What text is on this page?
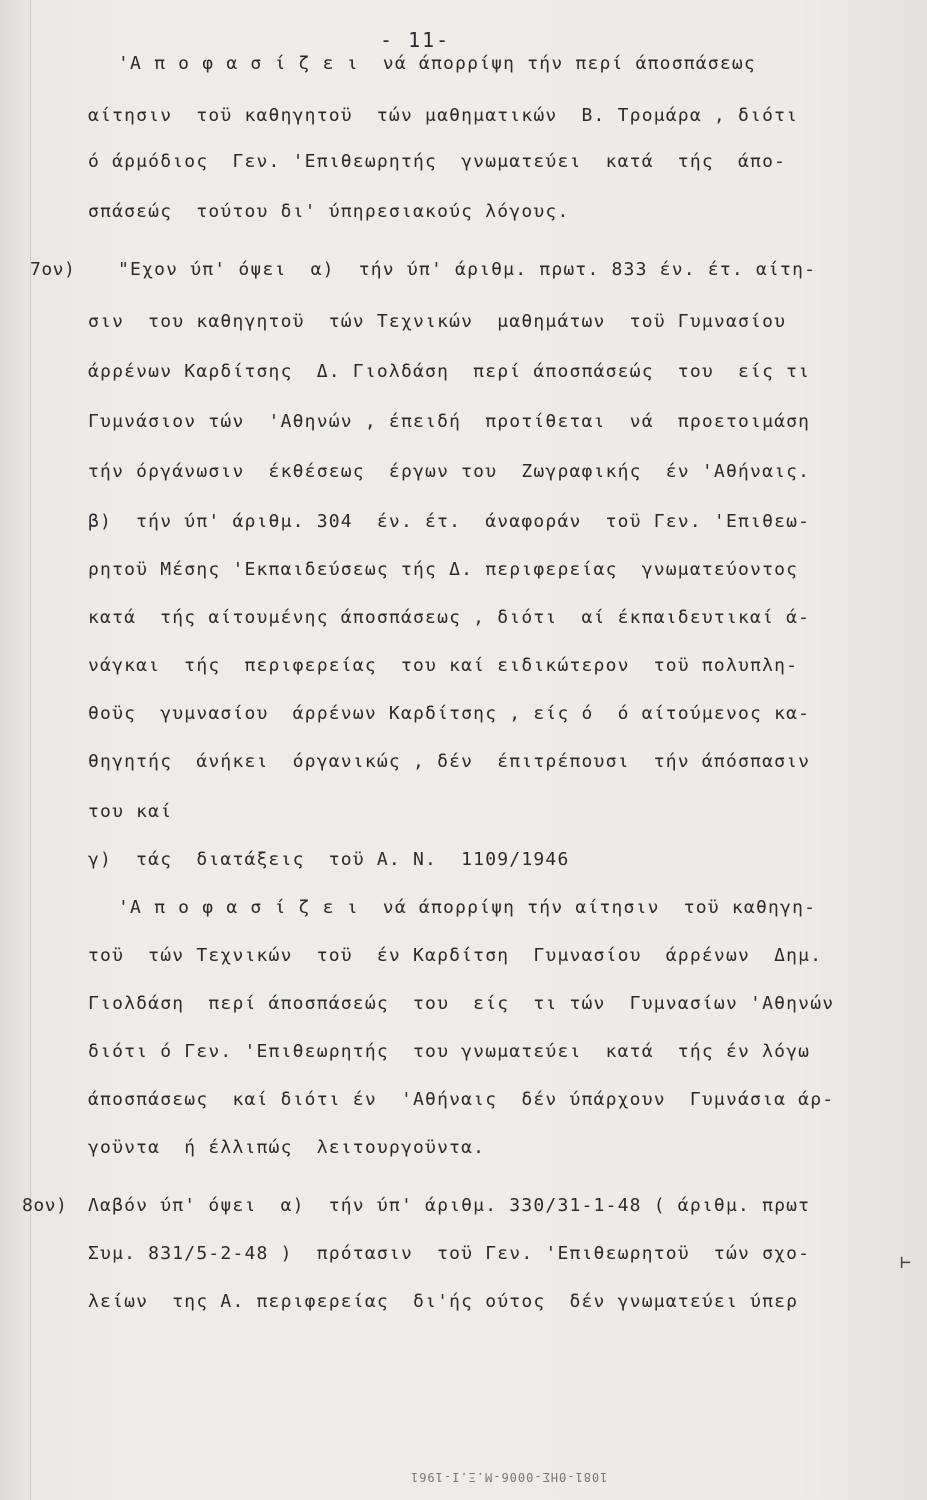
- 11-
'Α π ο φ α σ ί ζ ε ι  νά άπορρίψη τήν περί άποσπάσεως
αίτησιν  τοϋ καθηγητοϋ  τών μαθηματικών  Β. Τρομάρα , διότι
ό άρμόδιος  Γεν. 'Επιθεωρητής  γνωματεύει  κατά  τής  άπο-
σπάσεώς  τούτου δι' ύπηρεσιακούς λόγους.
7ον) "Εχον ύπ' όψει  α)  τήν ύπ' άριθμ. πρωτ. 833 έν. έτ. αίτη-
σιν  του καθηγητοϋ  τών Τεχνικών  μαθημάτων  τοϋ Γυμνασίου
άρρένων Καρδίτσης  Δ. Γιολδάση  περί άποσπάσεώς  του  είς τι
Γυμνάσιον τών  'Αθηνών , έπειδή  προτίθεται  νά  προετοιμάση
τήν όργάνωσιν  έκθέσεως  έργων του  Ζωγραφικής  έν 'Αθήναις.
β)  τήν ύπ' άριθμ. 304  έν. έτ.  άναφοράν  τοϋ Γεν. 'Επιθεω-
ρητοϋ Μέσης 'Εκπαιδεύσεως τής Δ. περιφερείας  γνωματεύοντος
κατά  τής αίτουμένης άποσπάσεως , διότι  αί έκπαιδευτικαί ά-
νάγκαι  τής  περιφερείας  του καί ειδικώτερον  τοϋ πολυπλη-
θοϋς  γυμνασίου  άρρένων Καρδίτσης , είς ό  ό αίτούμενος κα-
θηγητής  άνήκει  όργανικώς , δέν  έπιτρέπουσι  τήν άπόσπασιν
του καί
γ)  τάς  διατάξεις  τοϋ Α. Ν.  1109/1946
'Α π ο φ α σ ί ζ ε ι  νά άπορρίψη τήν αίτησιν  τοϋ καθηγη-
τοϋ  τών Τεχνικών  τοϋ  έν Καρδίτση  Γυμνασίου  άρρένων  Δημ.
Γιολδάση  περί άποσπάσεώς  του  είς  τι τών  Γυμνασίων 'Αθηνών
διότι ό Γεν. 'Επιθεωρητής  του γνωματεύει  κατά  τής έν λόγω
άποσπάσεως  καί διότι έν  'Αθήναις  δέν ύπάρχουν  Γυμνάσια άρ-
γοϋντα  ή έλλιπώς  λειτουργοϋντα.
8ον) Λαβόν ύπ' όψει  α)  τήν ύπ' άριθμ. 330/31-1-48 ( άριθμ. πρωτ
Συμ. 831/5-2-48 )  πρότασιν  τοϋ Γεν. 'Επιθεωρητοϋ  τών σχο-
λείων  της Α. περιφερείας  δι'ής ούτος  δέν γνωματεύει ύπερ
⊢
1081-ΘΗΣ-0006-Μ.Ξ.Ι-1961
